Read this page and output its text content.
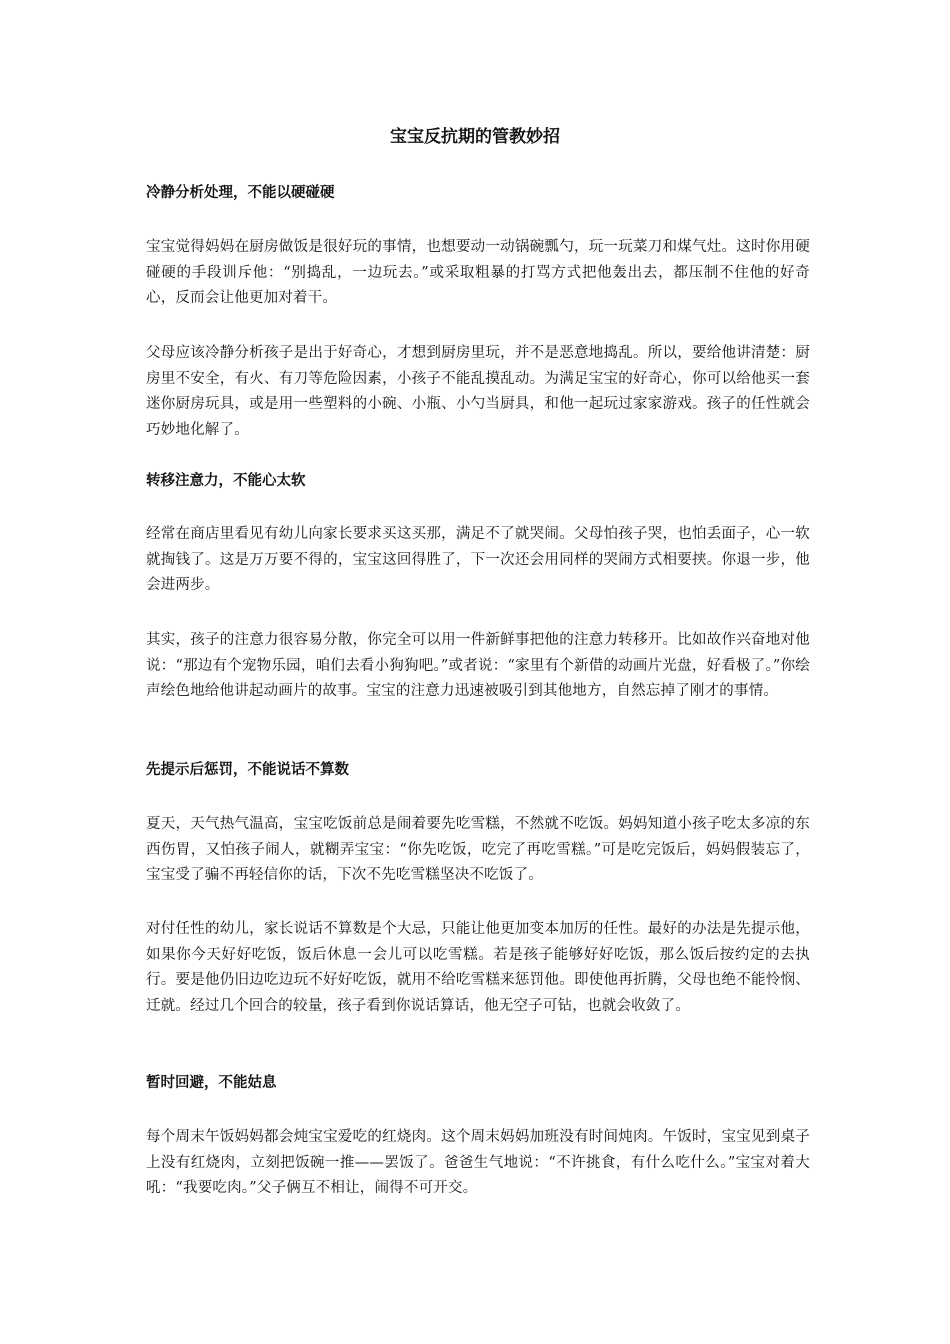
宝宝反抗期的管教妙招
冷静分析处理，不能以硬碰硬
宝宝觉得妈妈在厨房做饭是很好玩的事情，也想要动一动锅碗瓢勺，玩一玩菜刀和煤气灶。这时你用硬碰硬的手段训斥他：“别捣乱，一边玩去。”或采取粗暴的打骂方式把他轰出去，都压制不住他的好奇心，反而会让他更加对着干。
父母应该冷静分析孩子是出于好奇心，才想到厨房里玩，并不是恶意地捣乱。所以，要给他讲清楚：厨房里不安全，有火、有刀等危险因素，小孩子不能乱摸乱动。为满足宝宝的好奇心，你可以给他买一套迷你厨房玩具，或是用一些塑料的小碗、小瓶、小勺当厨具，和他一起玩过家家游戏。孩子的任性就会巧妙地化解了。
转移注意力，不能心太软
经常在商店里看见有幼儿向家长要求买这买那，满足不了就哭闹。父母怕孩子哭，也怕丢面子，心一软就掏钱了。这是万万要不得的，宝宝这回得胜了，下一次还会用同样的哭闹方式相要挟。你退一步，他会进两步。
其实，孩子的注意力很容易分散，你完全可以用一件新鲜事把他的注意力转移开。比如故作兴奋地对他说：“那边有个宠物乐园，咱们去看小狗狗吧。”或者说：“家里有个新借的动画片光盘，好看极了。”你绘声绘色地给他讲起动画片的故事。宝宝的注意力迅速被吸引到其他地方，自然忘掉了刚才的事情。
先提示后惩罚，不能说话不算数
夏天，天气热气温高，宝宝吃饭前总是闹着要先吃雪糕，不然就不吃饭。妈妈知道小孩子吃太多凉的东西伤胃，又怕孩子闹人，就糊弄宝宝：“你先吃饭，吃完了再吃雪糕。”可是吃完饭后，妈妈假装忘了，宝宝受了骗不再轻信你的话，下次不先吃雪糕坚决不吃饭了。
对付任性的幼儿，家长说话不算数是个大忌，只能让他更加变本加厉的任性。最好的办法是先提示他，如果你今天好好吃饭，饭后休息一会儿可以吃雪糕。若是孩子能够好好吃饭，那么饭后按约定的去执行。要是他仍旧边吃边玩不好好吃饭，就用不给吃雪糕来惩罚他。即使他再折腾，父母也绝不能怜悯、迁就。经过几个回合的较量，孩子看到你说话算话，他无空子可钻，也就会收敛了。
暂时回避，不能姑息
每个周末午饭妈妈都会炖宝宝爱吃的红烧肉。这个周末妈妈加班没有时间炖肉。午饭时，宝宝见到桌子上没有红烧肉，立刻把饭碗一推——罢饭了。爸爸生气地说：“不许挑食，有什么吃什么。”宝宝对着大吼：“我要吃肉。”父子俩互不相让，闹得不可开交。
